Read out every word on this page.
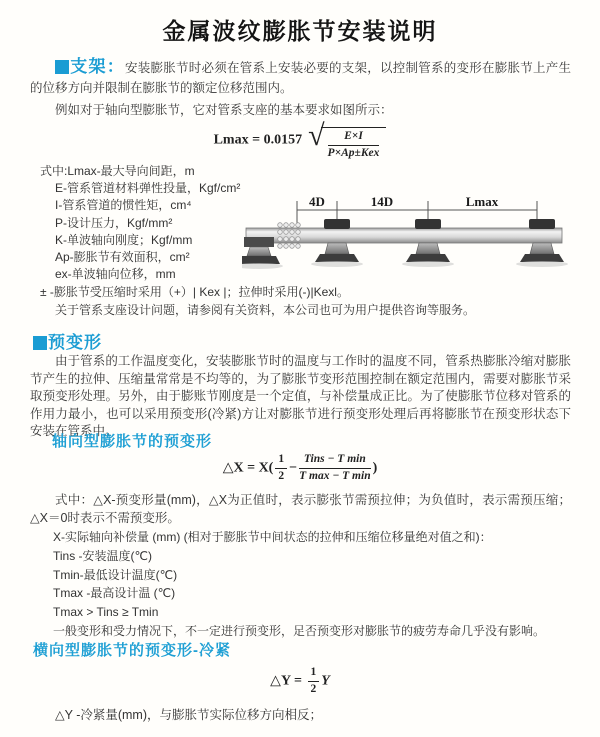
金属波纹膨胀节安装说明
支架：安装膨胀节时必须在管系上安装必要的支架，以控制管系的变形在膨胀节上产生的位移方向并限制在膨胀节的额定位移范围内。
例如对于轴向型膨胀节，它对管系支座的基本要求如图所示：
Lmax = 0.0157 √ $\frac{E\times I}{\text{P×Ap±Kex}}$
式中:Lmax-最大导向间距，m
E-管系管道材料弹性投量，Kgf/cm²
I-管系管道的惯性矩，cm⁴
P-设计压力，Kgf/mm²
K-单波轴向刚度；Kgf/mm
Ap-膨胀节有效面积，cm²
ex-单波轴向位移，mm
± -膨胀节受压缩时采用（+）| Kex |；拉伸时采用(-)|Kexl。
关于管系支座设计问题，请参阅有关资料，本公司也可为用户提供咨询等服务。
4D	14D	Lmax
预变形
由于管系的工作温度变化，安装膨胀节时的温度与工作时的温度不同，管系热膨胀冷缩对膨胀节产生的拉伸、压缩量常常是不均等的，为了膨胀节变形范围控制在额定范围内，需要对膨胀节采取预变形处理。另外，由于膨账节刚度是一个定值，与补偿量成正比。为了使膨胀节位移对管系的作用力最小，也可以采用预变形(冷紧)方让对膨胀节进行预变形处理后再将膨胀节在预变形状态下安装在管系中。
轴向型膨胀节的预变形
△X = $X( \frac{1}{2} - \frac{\text{Tins − T min}}{\text{T max − T min}}$ )
式中：△X-预变形量(mm)，△X为正值时，表示膨张节需预拉伸；为负值时，表示需预压缩；△X＝0时表示不需预变形。
X-实际轴向补偿量 (mm) (相对于膨胀节中间状态的拉伸和压缩位移量绝对值之和)：
Tins -安装温度(℃)
Tmin-最低设计温度(℃)
Tmax -最高设计温 (℃)
Tmax > Tins ≥ Tmin
一般变形和受力情况下，不一定进行预变形，足否预变形对膨胀节的疲劳寿命几乎没有影响。
横向型膨胀节的预变形-冷紧
△Y = $\frac{1}{2}$ Y
△Y -冷紧量(mm)，与膨胀节实际位移方向相反；
